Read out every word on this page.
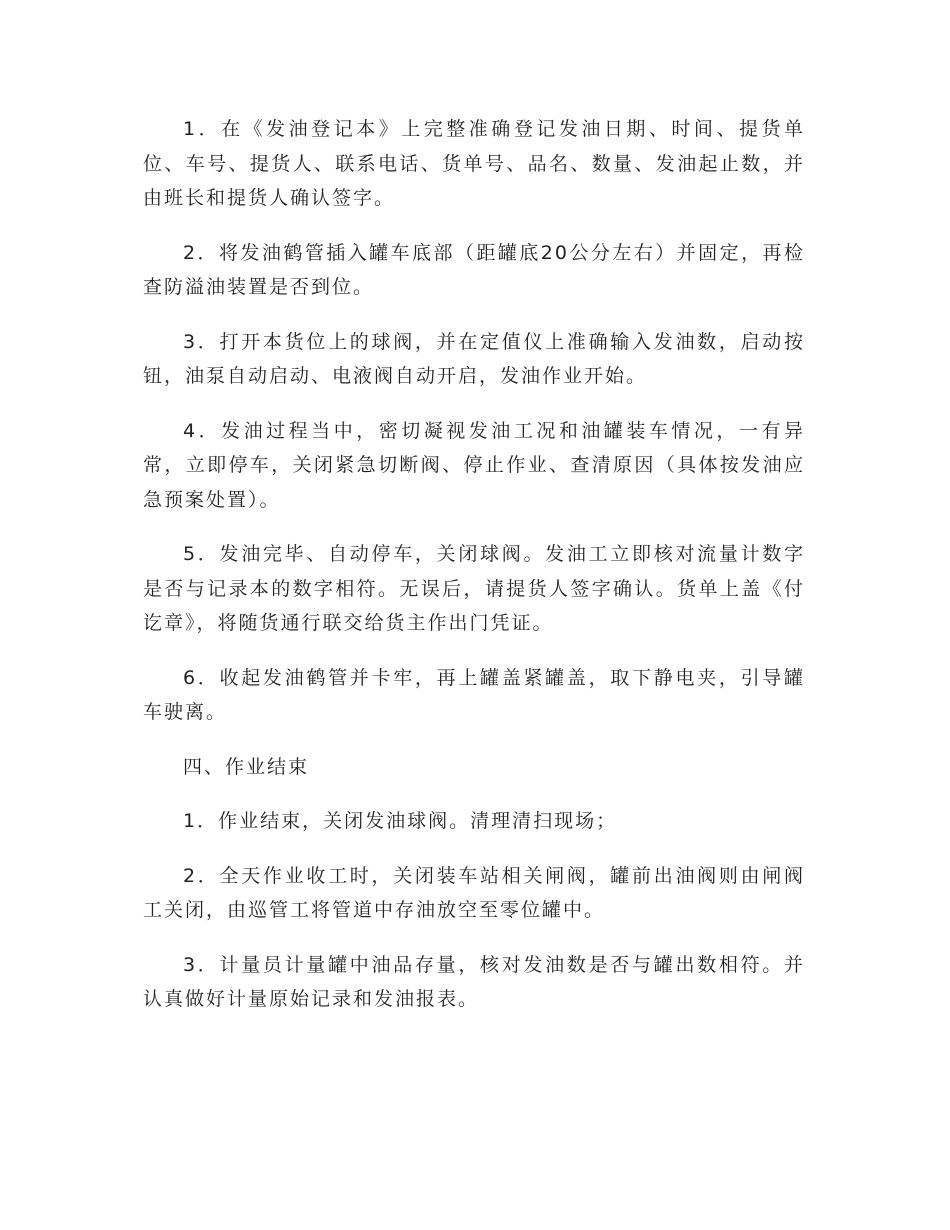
1．在《发油登记本》上完整准确登记发油日期、时间、提货单位、车号、提货人、联系电话、货单号、品名、数量、发油起止数，并由班长和提货人确认签字。

2．将发油鹤管插入罐车底部（距罐底20公分左右）并固定，再检查防溢油装置是否到位。

3．打开本货位上的球阀，并在定值仪上准确输入发油数，启动按钮，油泵自动启动、电液阀自动开启，发油作业开始。

4．发油过程当中，密切凝视发油工况和油罐装车情况，一有异常，立即停车，关闭紧急切断阀、停止作业、查清原因（具体按发油应急预案处置）。

5．发油完毕、自动停车，关闭球阀。发油工立即核对流量计数字是否与记录本的数字相符。无误后，请提货人签字确认。货单上盖《付讫章》，将随货通行联交给货主作出门凭证。

6．收起发油鹤管并卡牢，再上罐盖紧罐盖，取下静电夹，引导罐车驶离。

四、作业结束

1．作业结束，关闭发油球阀。清理清扫现场；

2．全天作业收工时，关闭装车站相关闸阀，罐前出油阀则由闸阀工关闭，由巡管工将管道中存油放空至零位罐中。

3．计量员计量罐中油品存量，核对发油数是否与罐出数相符。并认真做好计量原始记录和发油报表。
